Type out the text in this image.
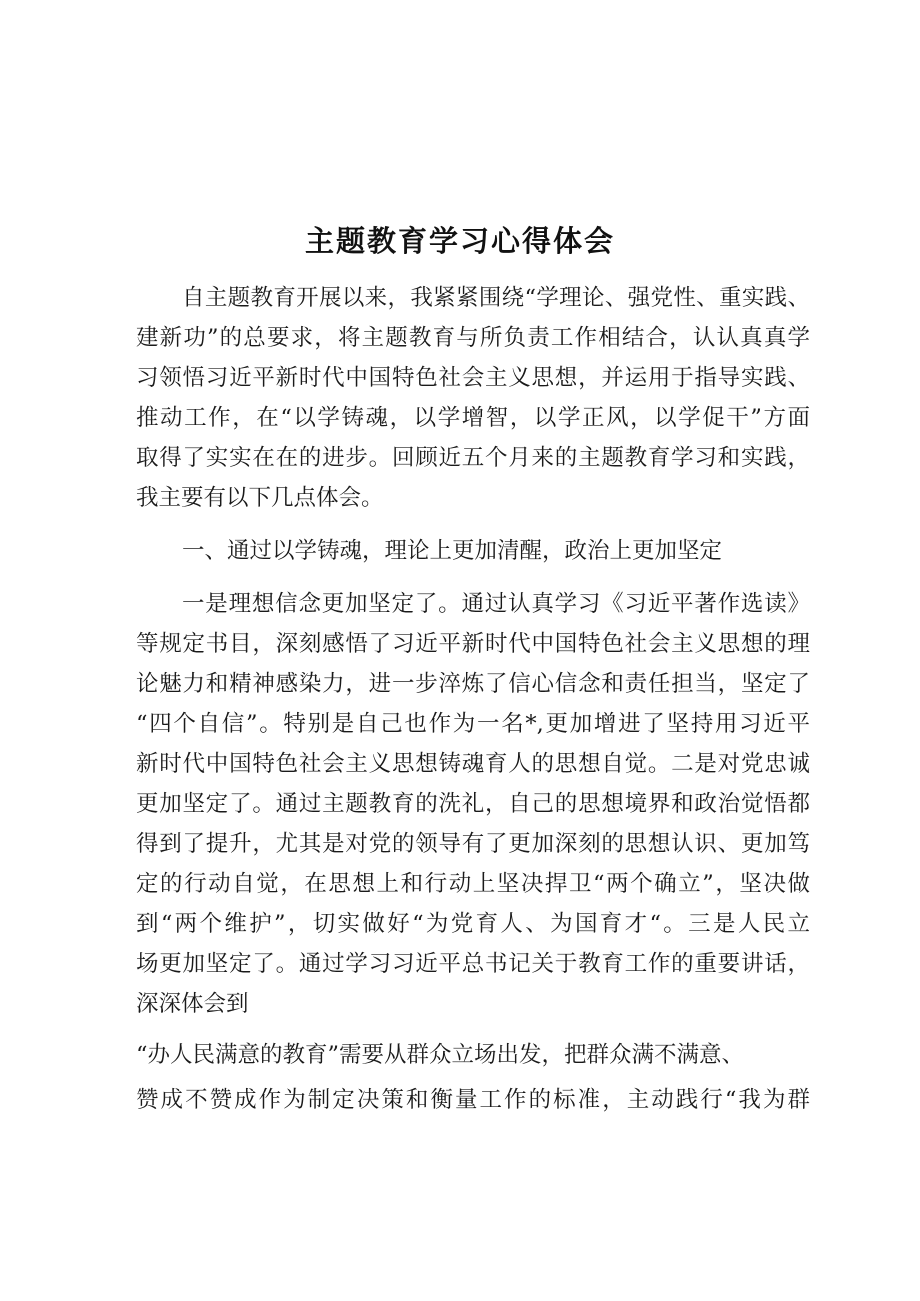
主题教育学习心得体会
自主题教育开展以来，我紧紧围绕“学理论、强党性、重实践、
建新功”的总要求，将主题教育与所负责工作相结合，认认真真学
习领悟习近平新时代中国特色社会主义思想，并运用于指导实践、
推动工作，在“以学铸魂，以学增智，以学正风，以学促干”方面
取得了实实在在的进步。回顾近五个月来的主题教育学习和实践，
我主要有以下几点体会。
一、通过以学铸魂，理论上更加清醒，政治上更加坚定
一是理想信念更加坚定了。通过认真学习《习近平著作选读》
等规定书目，深刻感悟了习近平新时代中国特色社会主义思想的理
论魅力和精神感染力，进一步淬炼了信心信念和责任担当，坚定了
“四个自信”。特别是自己也作为一名*,更加增进了坚持用习近平
新时代中国特色社会主义思想铸魂育人的思想自觉。二是对党忠诚
更加坚定了。通过主题教育的洗礼，自己的思想境界和政治觉悟都
得到了提升，尤其是对党的领导有了更加深刻的思想认识、更加笃
定的行动自觉，在思想上和行动上坚决捍卫“两个确立”，坚决做
到“两个维护”，切实做好“为党育人、为国育才“。三是人民立
场更加坚定了。通过学习习近平总书记关于教育工作的重要讲话，
深深体会到
“办人民满意的教育”需要从群众立场出发，把群众满不满意、
赞成不赞成作为制定决策和衡量工作的标准，主动践行“我为群
